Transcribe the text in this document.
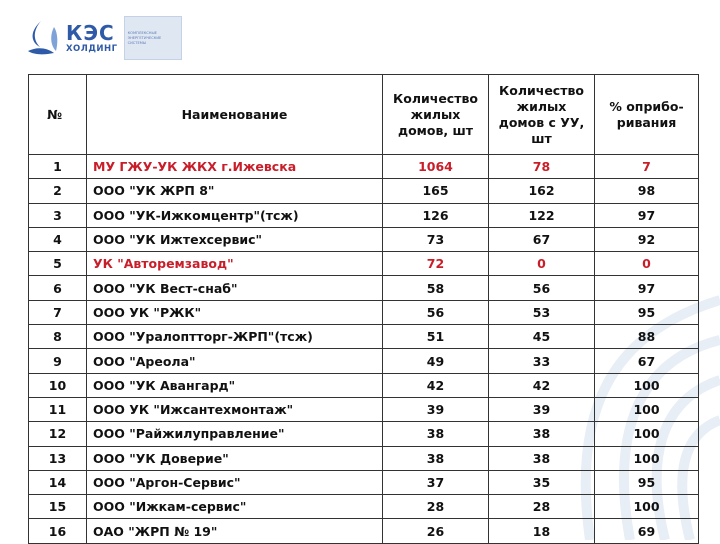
КЭС
ХОЛДИНГ
КОМПЛЕКСНЫЕ
ЭНЕРГЕТИЧЕСКИЕ
СИСТЕМЫ
№	Наименование	Количество жилых домов, шт	Количество жилых домов с УУ, шт	% оприбо-ривания
1	МУ ГЖУ-УК ЖКХ г.Ижевска	1064	78	7
2	ООО "УК ЖРП 8"	165	162	98
3	ООО "УК-Ижкомцентр"(тсж)	126	122	97
4	ООО "УК Ижтехсервис"	73	67	92
5	УК "Авторемзавод"	72	0	0
6	ООО "УК Вест-снаб"	58	56	97
7	ООО УК "РЖК"	56	53	95
8	ООО "Уралоптторг-ЖРП"(тсж)	51	45	88
9	ООО "Ареола"	49	33	67
10	ООО "УК Авангард"	42	42	100
11	ООО УК "Ижсантехмонтаж"	39	39	100
12	ООО "Райжилуправление"	38	38	100
13	ООО "УК Доверие"	38	38	100
14	ООО "Аргон-Сервис"	37	35	95
15	ООО "Ижкам-сервис"	28	28	100
16	ОАО "ЖРП № 19"	26	18	69
